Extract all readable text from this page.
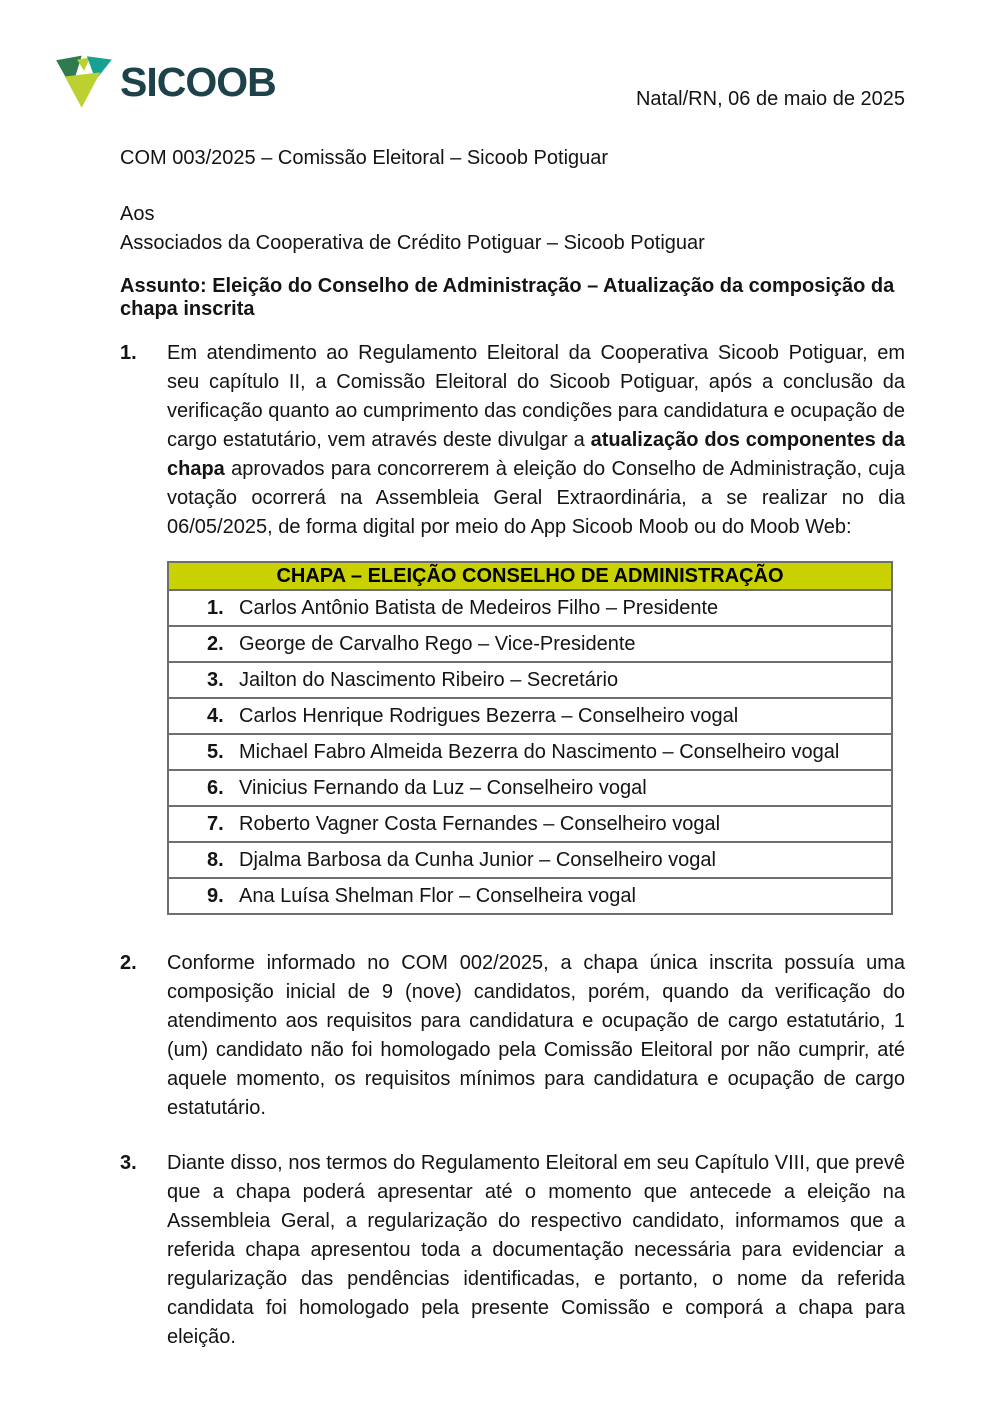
SICOOB	Natal/RN, 06 de maio de 2025
COM 003/2025 – Comissão Eleitoral – Sicoob Potiguar
Aos
Associados da Cooperativa de Crédito Potiguar – Sicoob Potiguar
Assunto: Eleição do Conselho de Administração – Atualização da composição da chapa inscrita
1.	Em atendimento ao Regulamento Eleitoral da Cooperativa Sicoob Potiguar, em seu capítulo II, a Comissão Eleitoral do Sicoob Potiguar, após a conclusão da verificação quanto ao cumprimento das condições para candidatura e ocupação de cargo estatutário, vem através deste divulgar a atualização dos componentes da chapa aprovados para concorrerem à eleição do Conselho de Administração, cuja votação ocorrerá na Assembleia Geral Extraordinária, a se realizar no dia 06/05/2025, de forma digital por meio do App Sicoob Moob ou do Moob Web:

CHAPA – ELEIÇÃO CONSELHO DE ADMINISTRAÇÃO
1. Carlos Antônio Batista de Medeiros Filho – Presidente
2. George de Carvalho Rego – Vice-Presidente
3. Jailton do Nascimento Ribeiro – Secretário
4. Carlos Henrique Rodrigues Bezerra – Conselheiro vogal
5. Michael Fabro Almeida Bezerra do Nascimento – Conselheiro vogal
6. Vinicius Fernando da Luz – Conselheiro vogal
7. Roberto Vagner Costa Fernandes – Conselheiro vogal
8. Djalma Barbosa da Cunha Junior – Conselheiro vogal
9. Ana Luísa Shelman Flor – Conselheira vogal
2.	Conforme informado no COM 002/2025, a chapa única inscrita possuía uma composição inicial de 9 (nove) candidatos, porém, quando da verificação do atendimento aos requisitos para candidatura e ocupação de cargo estatutário, 1 (um) candidato não foi homologado pela Comissão Eleitoral por não cumprir, até aquele momento, os requisitos mínimos para candidatura e ocupação de cargo estatutário.

3.	Diante disso, nos termos do Regulamento Eleitoral em seu Capítulo VIII, que prevê que a chapa poderá apresentar até o momento que antecede a eleição na Assembleia Geral, a regularização do respectivo candidato, informamos que a referida chapa apresentou toda a documentação necessária para evidenciar a regularização das pendências identificadas, e portanto, o nome da referida candidata foi homologado pela presente Comissão e comporá a chapa para eleição.
